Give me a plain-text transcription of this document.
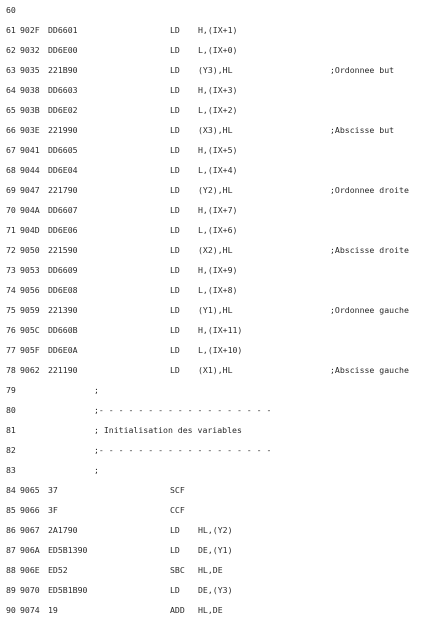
60
61 902F DD6601	LD H,(IX+1)
62 9032 DD6E00	LD L,(IX+0)
63 9035 221B90	LD (Y3),HL	;Ordonnee but
64 9038 DD6603	LD H,(IX+3)
65 903B DD6E02	LD L,(IX+2)
66 903E 221990	LD (X3),HL	;Abscisse but
67 9041 DD6605	LD H,(IX+5)
68 9044 DD6E04	LD L,(IX+4)
69 9047 221790	LD (Y2),HL	;Ordonnee droite
70 904A DD6607	LD H,(IX+7)
71 904D DD6E06	LD L,(IX+6)
72 9050 221590	LD (X2),HL	;Abscisse droite
73 9053 DD6609	LD H,(IX+9)
74 9056 DD6E08	LD L,(IX+8)
75 9059 221390	LD (Y1),HL	;Ordonnee gauche
76 905C DD660B	LD H,(IX+11)
77 905F DD6E0A	LD L,(IX+10)
78 9062 221190	LD (X1),HL	;Abscisse gauche
79	;
80	;- - - - - - - - - - - - - - - - - -
81	; Initialisation des variables
82	;- - - - - - - - - - - - - - - - - -
83	;
84 9065 37	SCF
85 9066 3F	CCF
86 9067 2A1790	LD HL,(Y2)
87 906A ED5B1390	LD DE,(Y1)
88 906E ED52	SBC HL,DE
89 9070 ED5B1B90	LD DE,(Y3)
90 9074 19	ADD HL,DE
